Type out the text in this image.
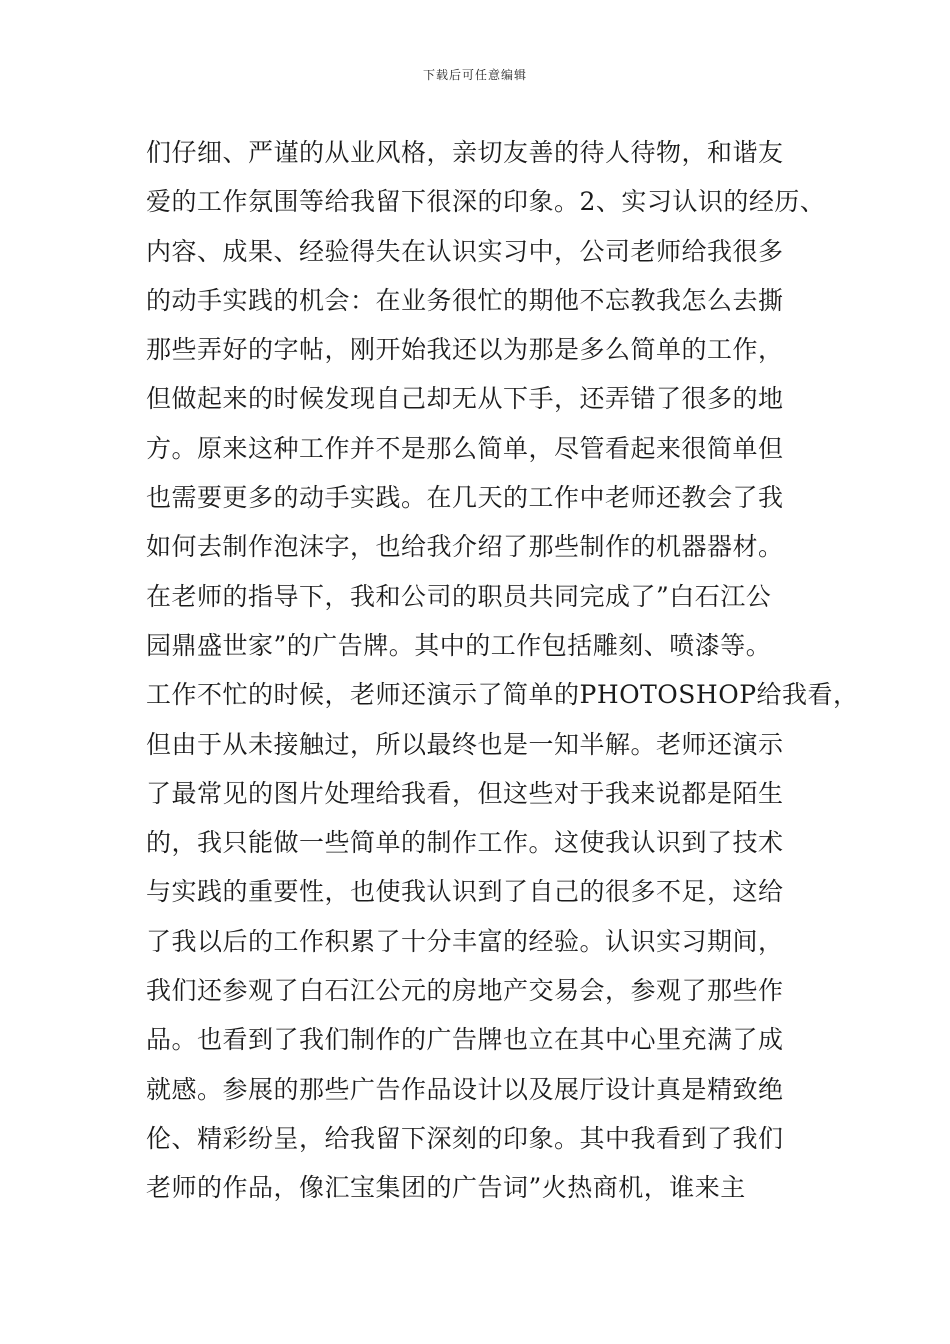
下载后可任意编辑
们仔细、严谨的从业风格，亲切友善的待人待物，和谐友
爱的工作氛围等给我留下很深的印象。2、实习认识的经历、
内容、成果、经验得失在认识实习中，公司老师给我很多
的动手实践的机会：在业务很忙的期他不忘教我怎么去撕
那些弄好的字帖，刚开始我还以为那是多么简单的工作，
但做起来的时候发现自己却无从下手，还弄错了很多的地
方。原来这种工作并不是那么简单，尽管看起来很简单但
也需要更多的动手实践。在几天的工作中老师还教会了我
如何去制作泡沫字，也给我介绍了那些制作的机器器材。
在老师的指导下，我和公司的职员共同完成了”白石江公
园鼎盛世家”的广告牌。其中的工作包括雕刻、喷漆等。
工作不忙的时候，老师还演示了简单的PHOTOSHOP给我看，
但由于从未接触过，所以最终也是一知半解。老师还演示
了最常见的图片处理给我看，但这些对于我来说都是陌生
的，我只能做一些简单的制作工作。这使我认识到了技术
与实践的重要性，也使我认识到了自己的很多不足，这给
了我以后的工作积累了十分丰富的经验。认识实习期间，
我们还参观了白石江公元的房地产交易会，参观了那些作
品。也看到了我们制作的广告牌也立在其中心里充满了成
就感。参展的那些广告作品设计以及展厅设计真是精致绝
伦、精彩纷呈，给我留下深刻的印象。其中我看到了我们
老师的作品，像汇宝集团的广告词”火热商机，谁来主
